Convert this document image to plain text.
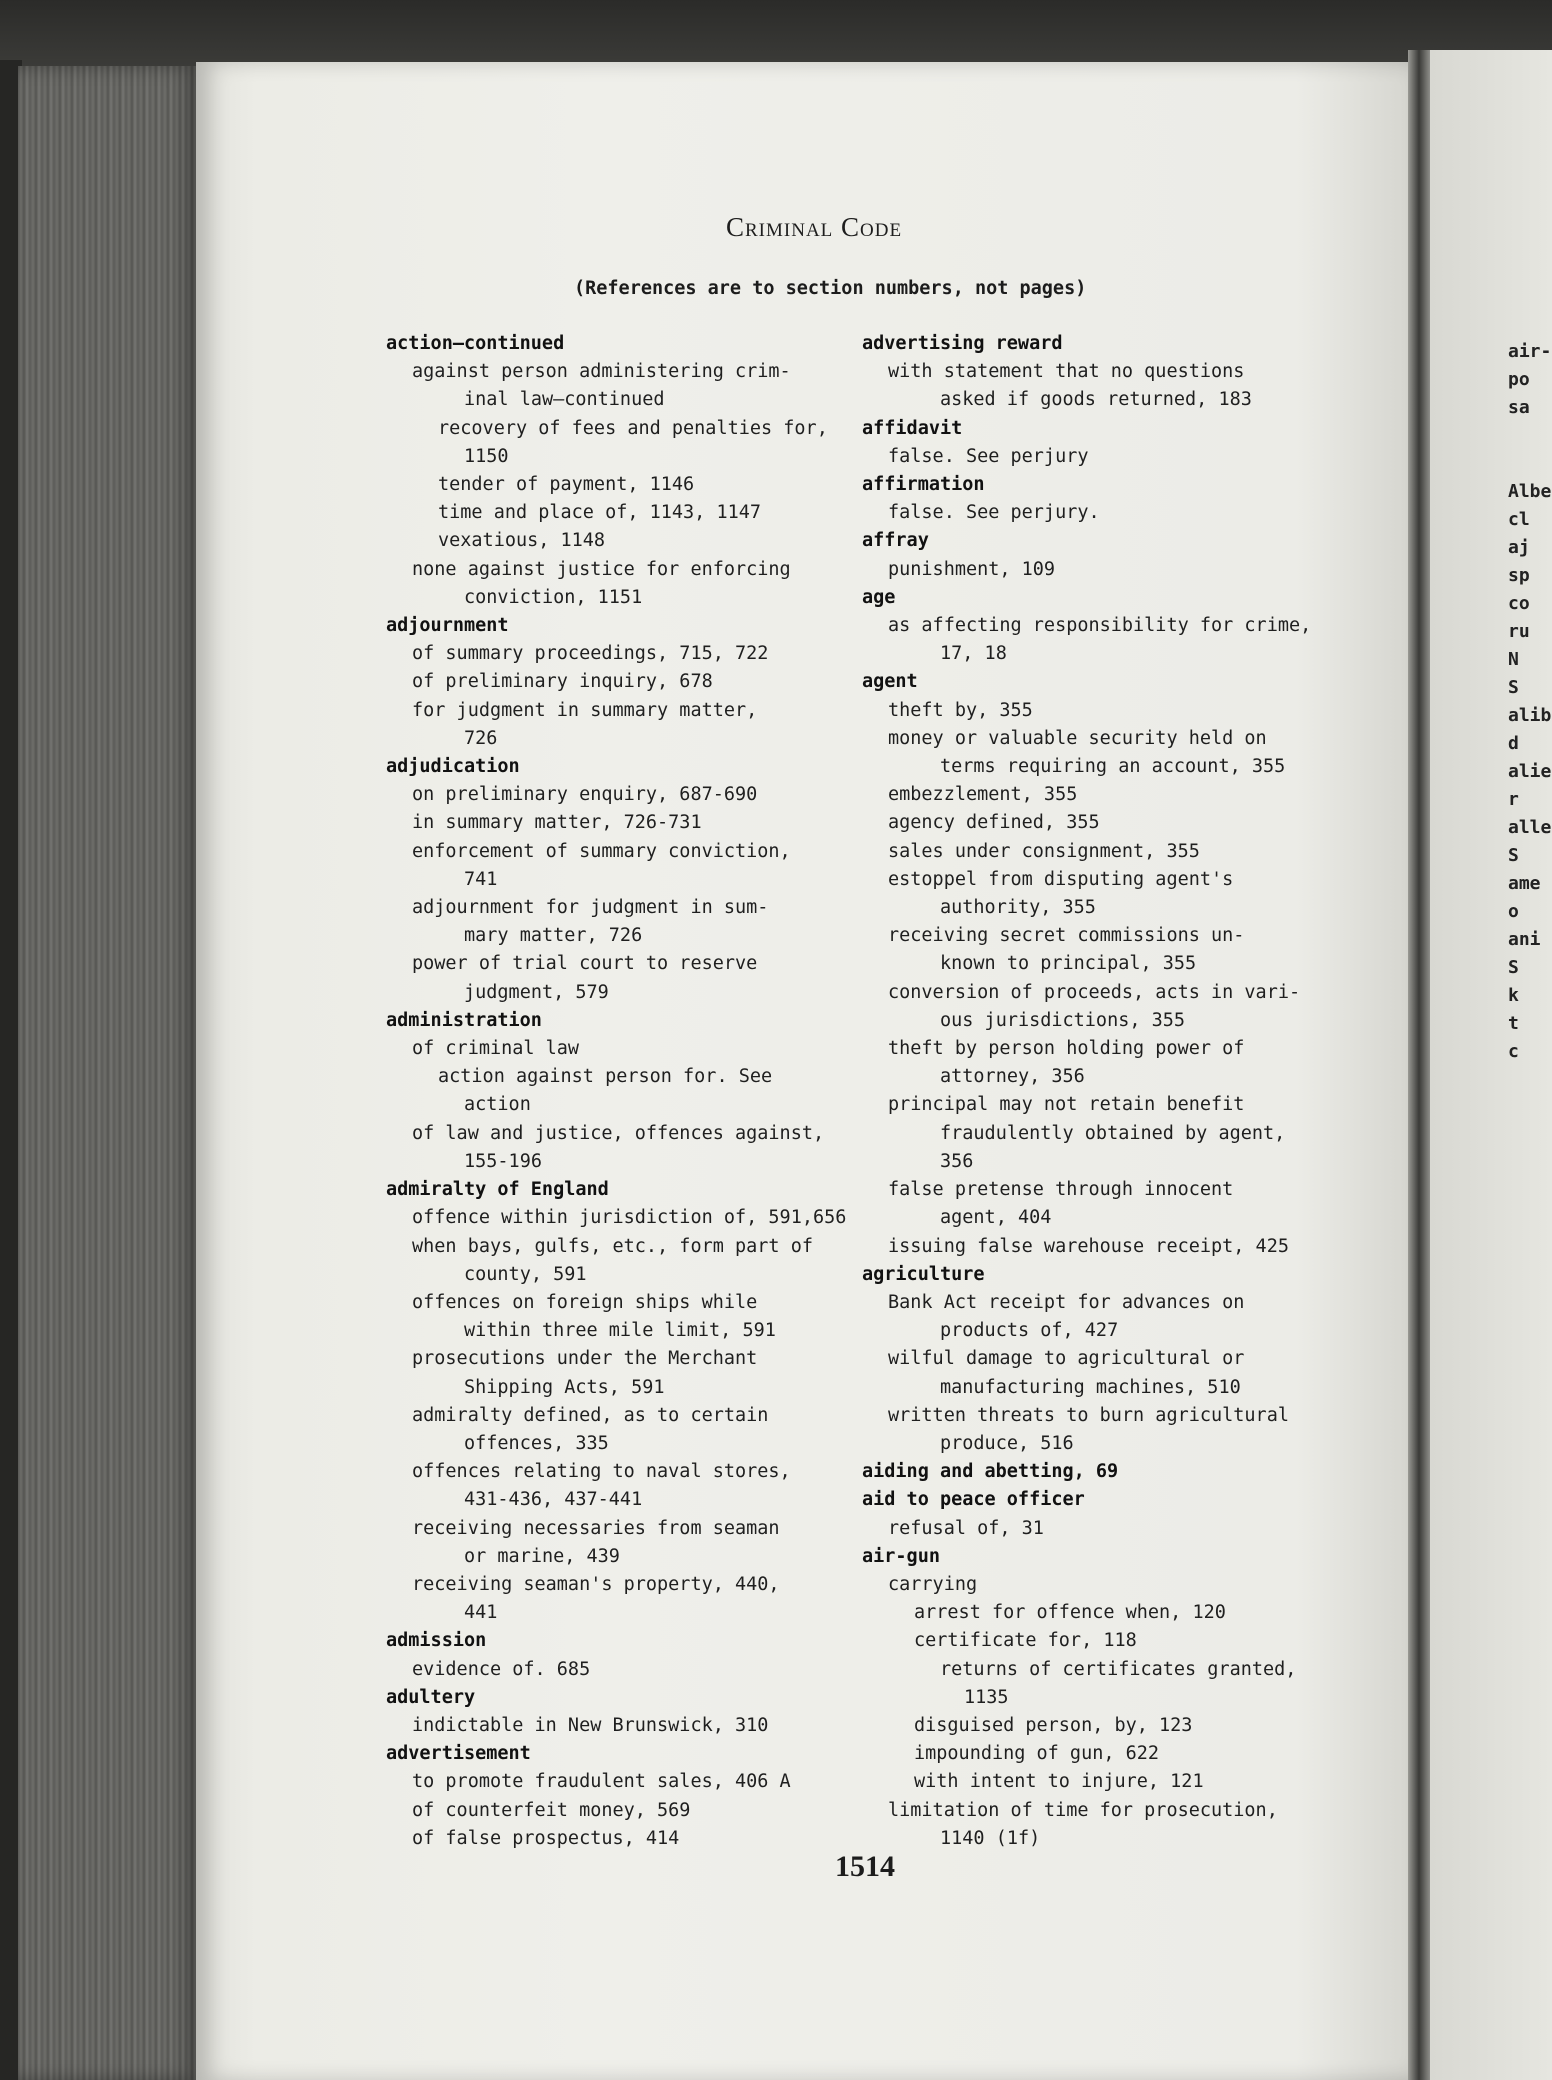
Criminal Code
(References are to section numbers, not pages)
action—continued
against person administering crim-
inal law—continued
recovery of fees and penalties for,
1150
tender of payment, 1146
time and place of, 1143, 1147
vexatious, 1148
none against justice for enforcing
conviction, 1151
adjournment
of summary proceedings, 715, 722
of preliminary inquiry, 678
for judgment in summary matter,
726
adjudication
on preliminary enquiry, 687-690
in summary matter, 726-731
enforcement of summary conviction,
741
adjournment for judgment in sum-
mary matter, 726
power of trial court to reserve
judgment, 579
administration
of criminal law
action against person for. See
action
of law and justice, offences against,
155-196
admiralty of England
offence within jurisdiction of, 591,656
when bays, gulfs, etc., form part of
county, 591
offences on foreign ships while
within three mile limit, 591
prosecutions under the Merchant
Shipping Acts, 591
admiralty defined, as to certain
offences, 335
offences relating to naval stores,
431-436, 437-441
receiving necessaries from seaman
or marine, 439
receiving seaman's property, 440,
441
admission
evidence of. 685
adultery
indictable in New Brunswick, 310
advertisement
to promote fraudulent sales, 406 A
of counterfeit money, 569
of false prospectus, 414
advertising reward
with statement that no questions
asked if goods returned, 183
affidavit
false. See perjury
affirmation
false. See perjury.
affray
punishment, 109
age
as affecting responsibility for crime,
17, 18
agent
theft by, 355
money or valuable security held on
terms requiring an account, 355
embezzlement, 355
agency defined, 355
sales under consignment, 355
estoppel from disputing agent's
authority, 355
receiving secret commissions un-
known to principal, 355
conversion of proceeds, acts in vari-
ous jurisdictions, 355
theft by person holding power of
attorney, 356
principal may not retain benefit
fraudulently obtained by agent,
356
false pretense through innocent
agent, 404
issuing false warehouse receipt, 425
agriculture
Bank Act receipt for advances on
products of, 427
wilful damage to agricultural or
manufacturing machines, 510
written threats to burn agricultural
produce, 516
aiding and abetting, 69
aid to peace officer
refusal of, 31
air-gun
carrying
arrest for offence when, 120
certificate for, 118
returns of certificates granted,
1135
disguised person, by, 123
impounding of gun, 622
with intent to injure, 121
limitation of time for prosecution,
1140 (1f)
1514
air-
po
sa
Albe
cl
aj
sp
co
ru
N
S
alib
d
alie
r
alle
S
ame
o
ani
S
k
t
c
